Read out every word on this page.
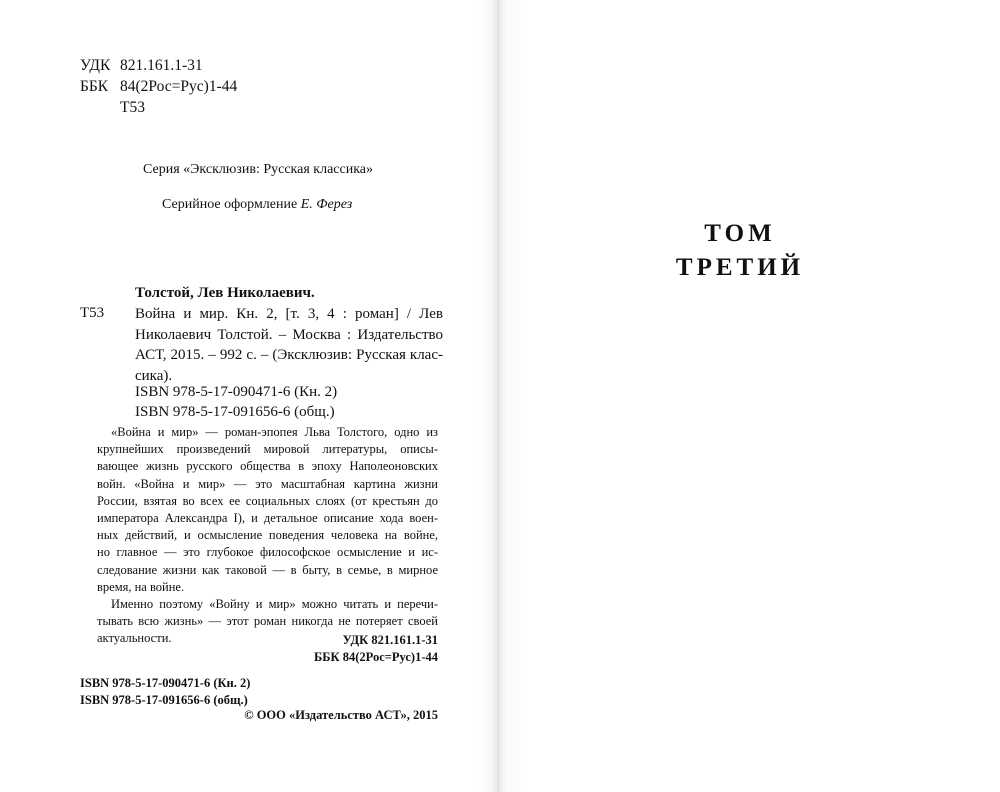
УДК 821.161.1-31
ББК 84(2Рос=Рус)1-44
Т53
Серия «Эксклюзив: Русская классика»
Серийное оформление Е. Ферез
Толстой, Лев Николаевич.
Т53 Война и мир. Кн. 2, [т. 3, 4 : роман] / Лев
Николаевич Толстой. – Москва : Издательство
АСТ, 2015. – 992 с. – (Эксклюзив: Русская клас-
сика).
ISBN 978-5-17-090471-6 (Кн. 2)
ISBN 978-5-17-091656-6 (общ.)
«Война и мир» — роман-эпопея Льва Толстого, одно из
крупнейших произведений мировой литературы, описы-
вающее жизнь русского общества в эпоху Наполеоновских
войн. «Война и мир» — это масштабная картина жизни
России, взятая во всех ее социальных слоях (от крестьян до
императора Александра I), и детальное описание хода воен-
ных действий, и осмысление поведения человека на войне,
но главное — это глубокое философское осмысление и ис-
следование жизни как таковой — в быту, в семье, в мирное
время, на войне.
Именно поэтому «Войну и мир» можно читать и перечи-
тывать всю жизнь» — этот роман никогда не потеряет своей
актуальности.	УДК 821.161.1-31
ББК 84(2Рос=Рус)1-44
ISBN 978-5-17-090471-6 (Кн. 2)
ISBN 978-5-17-091656-6 (общ.)
© ООО «Издательство АСТ», 2015
ТОМ
ТРЕТИЙ
